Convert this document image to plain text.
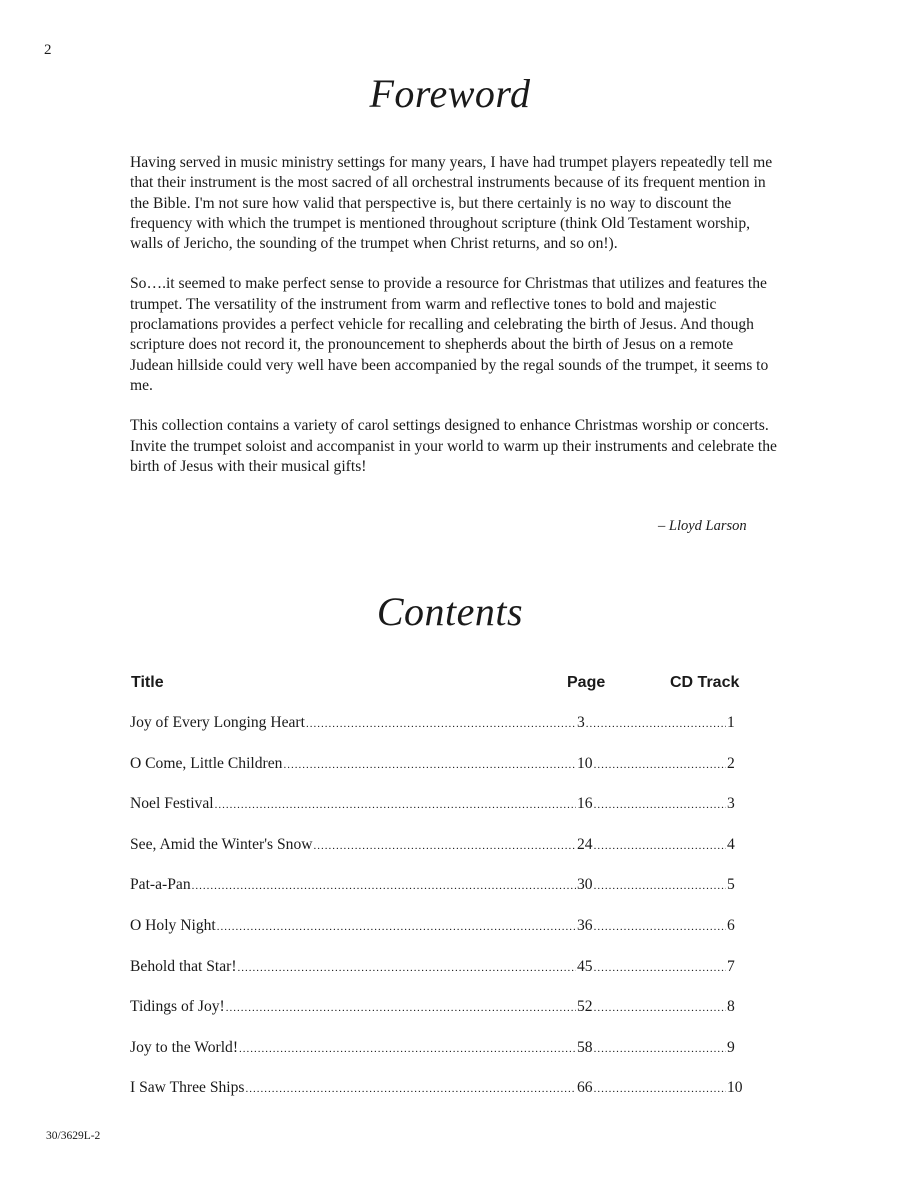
2
Foreword

Having served in music ministry settings for many years, I have had trumpet players repeatedly tell me that their instrument is the most sacred of all orchestral instruments because of its frequent mention in the Bible. I'm not sure how valid that perspective is, but there certainly is no way to discount the frequency with which the trumpet is mentioned throughout scripture (think Old Testament worship, walls of Jericho, the sounding of the trumpet when Christ returns, and so on!).

So….it seemed to make perfect sense to provide a resource for Christmas that utilizes and features the trumpet. The versatility of the instrument from warm and reflective tones to bold and majestic proclamations provides a perfect vehicle for recalling and celebrating the birth of Jesus. And though scripture does not record it, the pronouncement to shepherds about the birth of Jesus on a remote Judean hillside could very well have been accompanied by the regal sounds of the trumpet, it seems to me.

This collection contains a variety of carol settings designed to enhance Christmas worship or concerts. Invite the trumpet soloist and accompanist in your world to warm up their instruments and celebrate the birth of Jesus with their musical gifts!

– Lloyd Larson
Contents
Title	Page	CD Track
Joy of Every Longing Heart .....	3 .....	1
O Come, Little Children .....	10 .....	2
Noel Festival .....	16 .....	3
See, Amid the Winter's Snow .....	24 .....	4
Pat-a-Pan .....	30 .....	5
O Holy Night .....	36 .....	6
Behold that Star! .....	45 .....	7
Tidings of Joy! .....	52 .....	8
Joy to the World! .....	58 .....	9
I Saw Three Ships .....	66 .....	10
30/3629L-2
